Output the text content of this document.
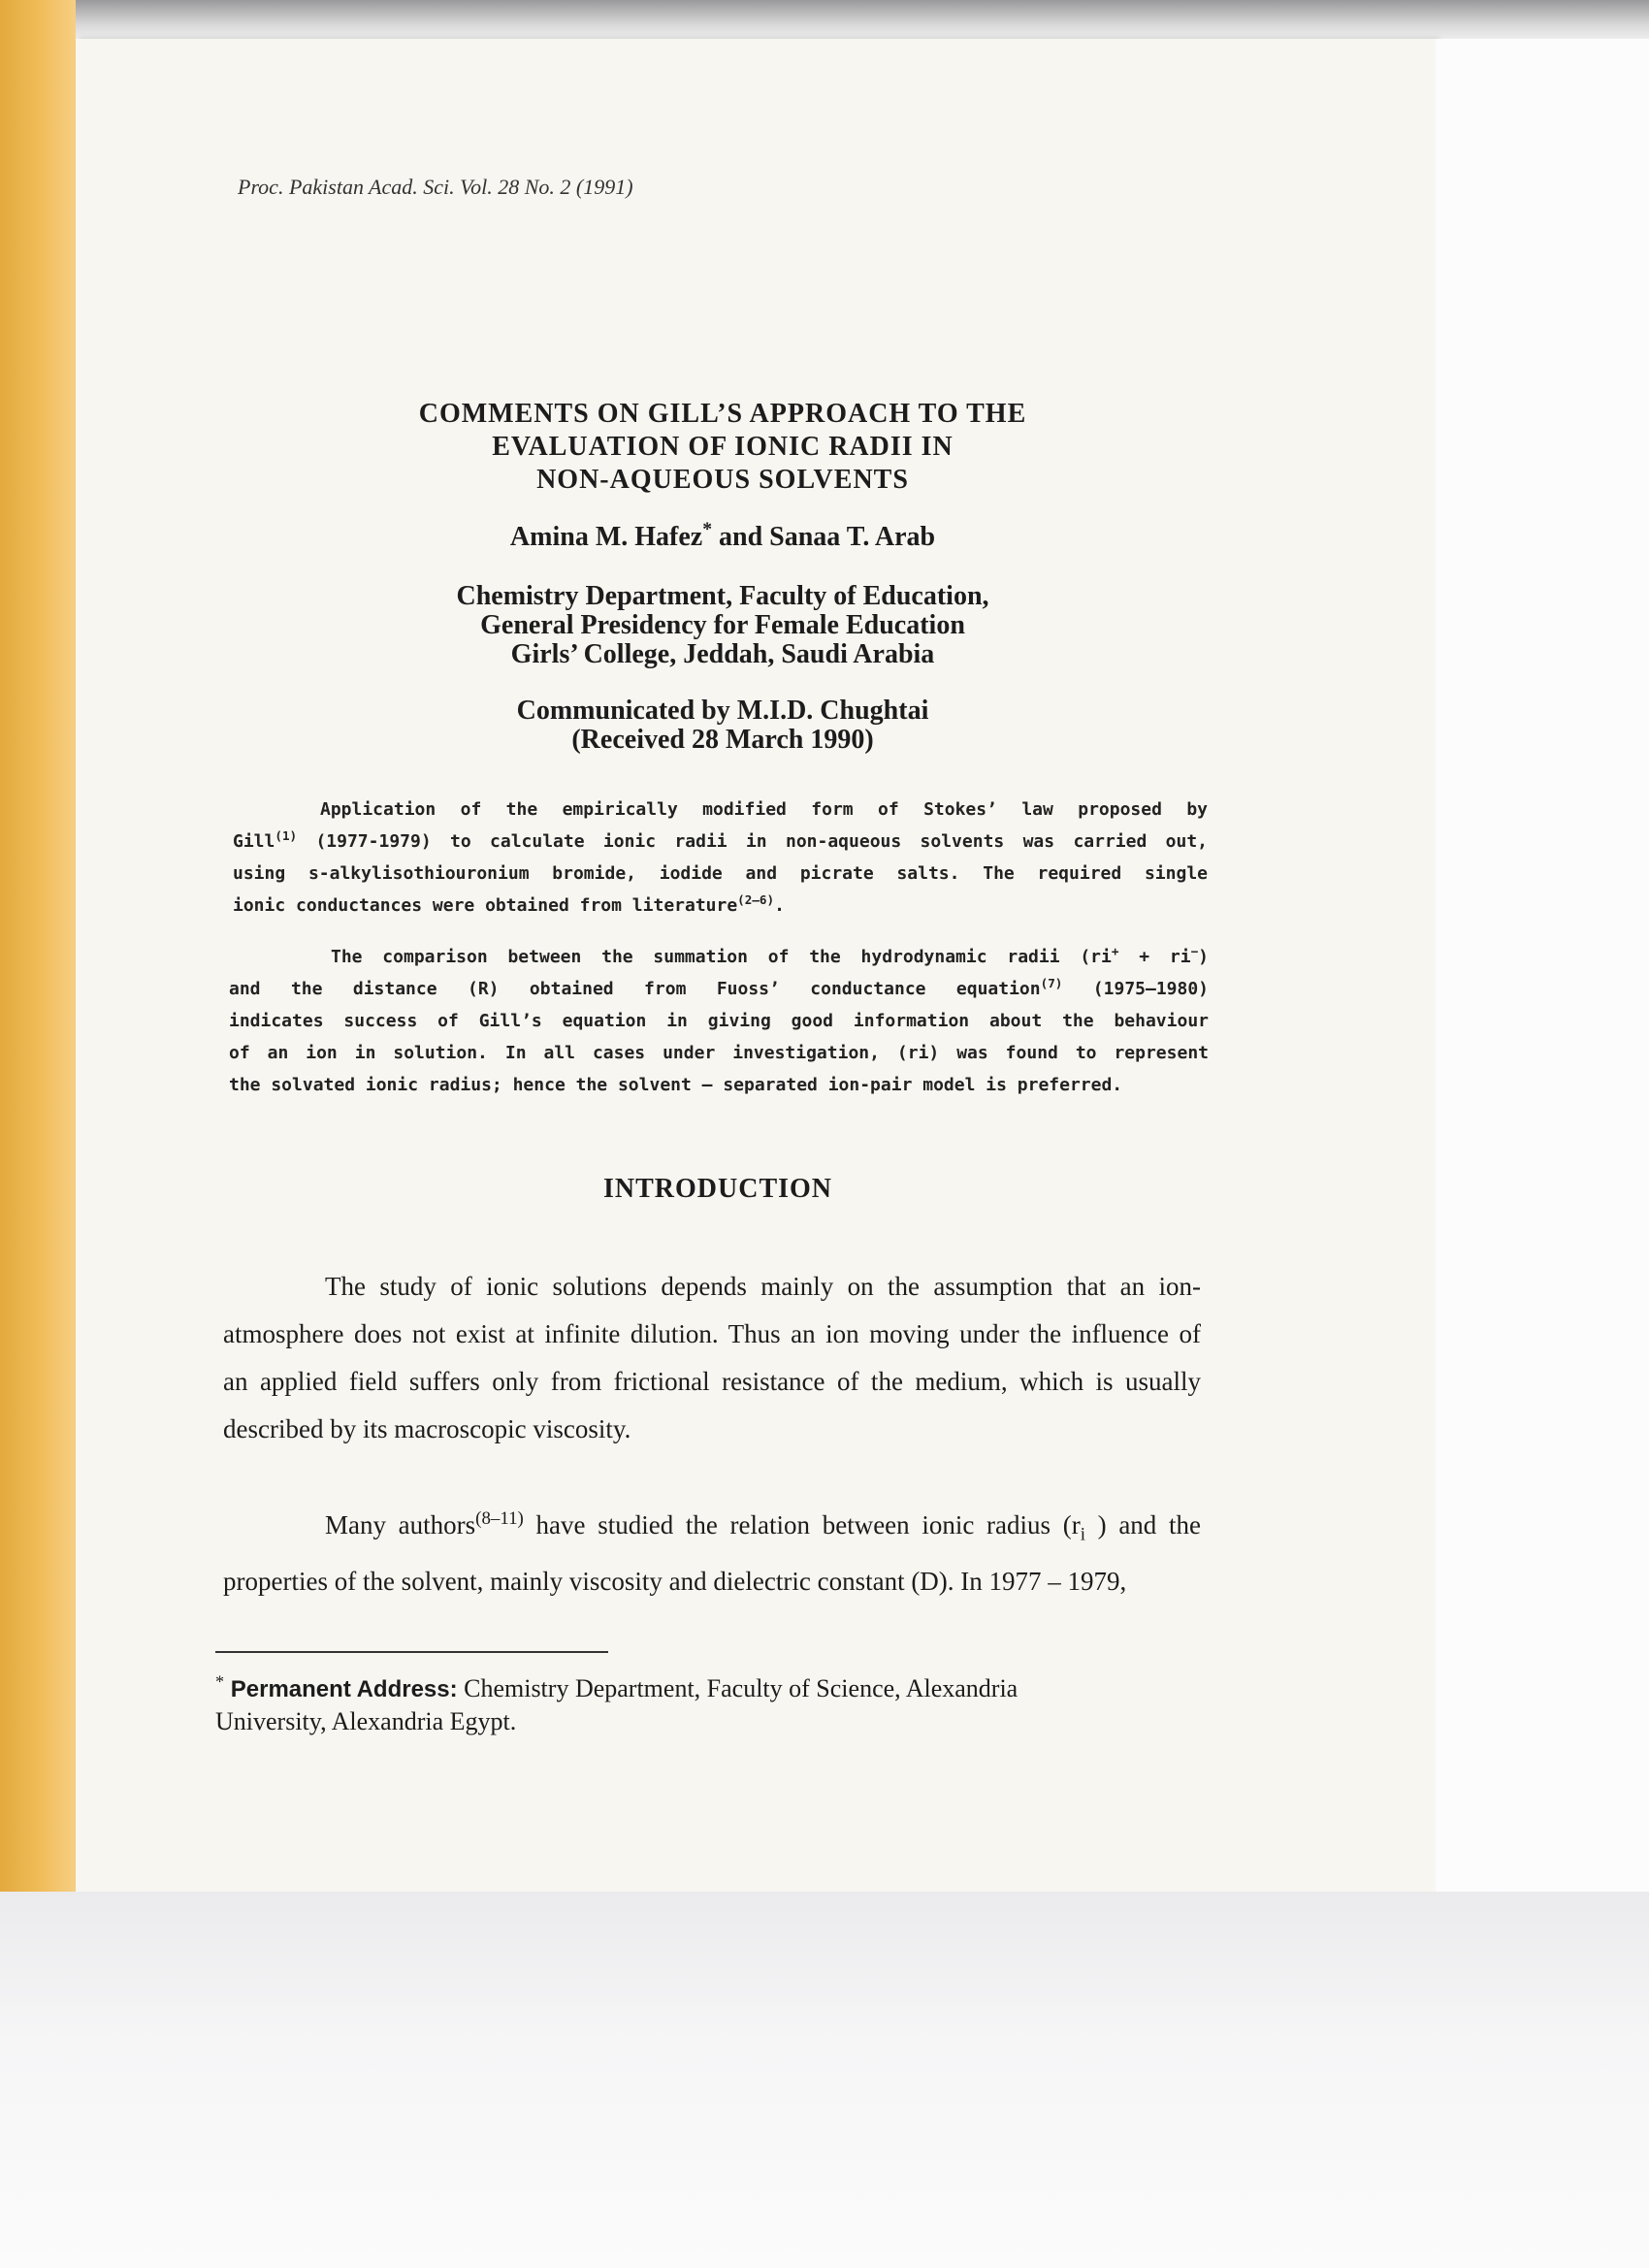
Proc. Pakistan Acad. Sci. Vol. 28 No. 2 (1991)
COMMENTS ON GILL’S APPROACH TO THE
EVALUATION OF IONIC RADII IN
NON-AQUEOUS SOLVENTS
Amina M. Hafez* and Sanaa T. Arab
Chemistry Department, Faculty of Education,
General Presidency for Female Education
Girls’ College, Jeddah, Saudi Arabia
Communicated by M.I.D. Chughtai
(Received 28 March 1990)
Application of the empirically modified form of Stokes’ law proposed by
Gill$^{(1)}$ (1977-1979) to calculate ionic radii in non-aqueous solvents was carried out,
using s-alkylisothiouronium bromide, iodide and picrate salts. The required single
ionic conductances were obtained from literature$^{(2-6)}$.
The comparison between the summation of the hydrodynamic radii (ri+ + ri−)
and the distance (R) obtained from Fuoss’ conductance equation$^{(7)}$ (1975–1980)
indicates success of Gill’s equation in giving good information about the behaviour
of an ion in solution. In all cases under investigation, (ri) was found to represent
the solvated ionic radius; hence the solvent – separated ion-pair model is preferred.
INTRODUCTION
The study of ionic solutions depends mainly on the assumption that an ion-
atmosphere does not exist at infinite dilution. Thus an ion moving under the influence of
an applied field suffers only from frictional resistance of the medium, which is usually
described by its macroscopic viscosity.
Many authors$^{(8-11)}$ have studied the relation between ionic radius ($r_i$ ) and the
properties of the solvent, mainly viscosity and dielectric constant (D). In 1977 – 1979,
* Permanent Address: Chemistry Department, Faculty of Science, Alexandria
University, Alexandria Egypt.
